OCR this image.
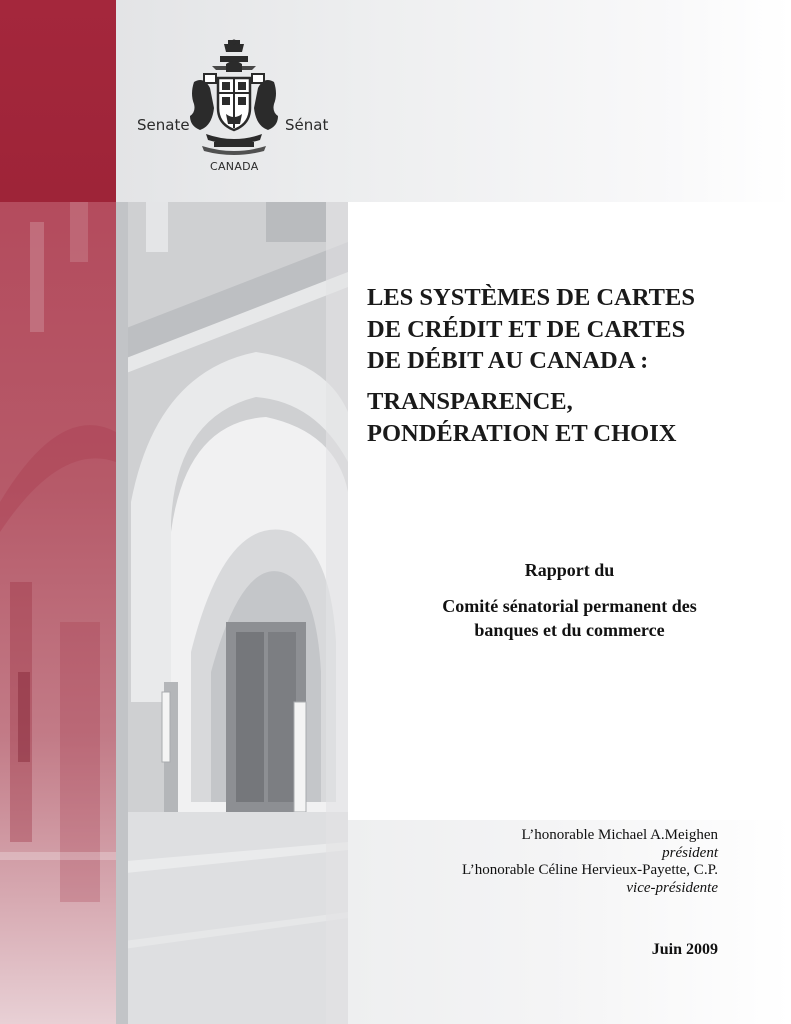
Senate	Sénat
CANADA
LES SYSTÈMES DE CARTES
DE CRÉDIT ET DE CARTES
DE DÉBIT AU CANADA :
TRANSPARENCE,
PONDÉRATION ET CHOIX
Rapport du
Comité sénatorial permanent des
banques et du commerce
L’honorable Michael A.Meighen
président
L’honorable Céline Hervieux-Payette, C.P.
vice-présidente
Juin 2009
